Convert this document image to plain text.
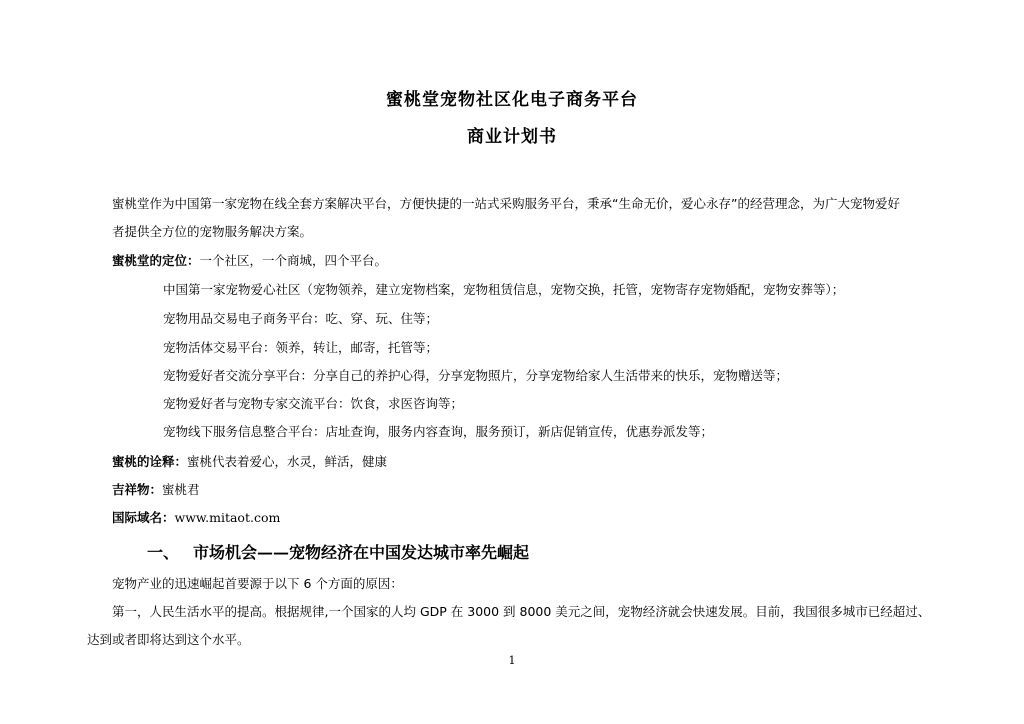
蜜桃堂宠物社区化电子商务平台
商业计划书
蜜桃堂作为中国第一家宠物在线全套方案解决平台，方便快捷的一站式采购服务平台，秉承“生命无价，爱心永存”的经营理念，为广大宠物爱好
者提供全方位的宠物服务解决方案。
蜜桃堂的定位：一个社区，一个商城，四个平台。
中国第一家宠物爱心社区（宠物领养，建立宠物档案，宠物租赁信息，宠物交换，托管，宠物寄存宠物婚配，宠物安葬等）；
宠物用品交易电子商务平台：吃、穿、玩、住等；
宠物活体交易平台：领养，转让，邮寄，托管等；
宠物爱好者交流分享平台：分享自己的养护心得，分享宠物照片，分享宠物给家人生活带来的快乐，宠物赠送等；
宠物爱好者与宠物专家交流平台：饮食，求医咨询等；
宠物线下服务信息整合平台：店址查询，服务内容查询，服务预订，新店促销宣传，优惠券派发等；
蜜桃的诠释：蜜桃代表着爱心，水灵，鲜活，健康
吉祥物：蜜桃君
国际域名：www.mitaot.com
一、 市场机会——宠物经济在中国发达城市率先崛起
宠物产业的迅速崛起首要源于以下 6 个方面的原因：
第一，人民生活水平的提高。根据规律,一个国家的人均 GDP 在 3000 到 8000 美元之间，宠物经济就会快速发展。目前，我国很多城市已经超过、
达到或者即将达到这个水平。
1
